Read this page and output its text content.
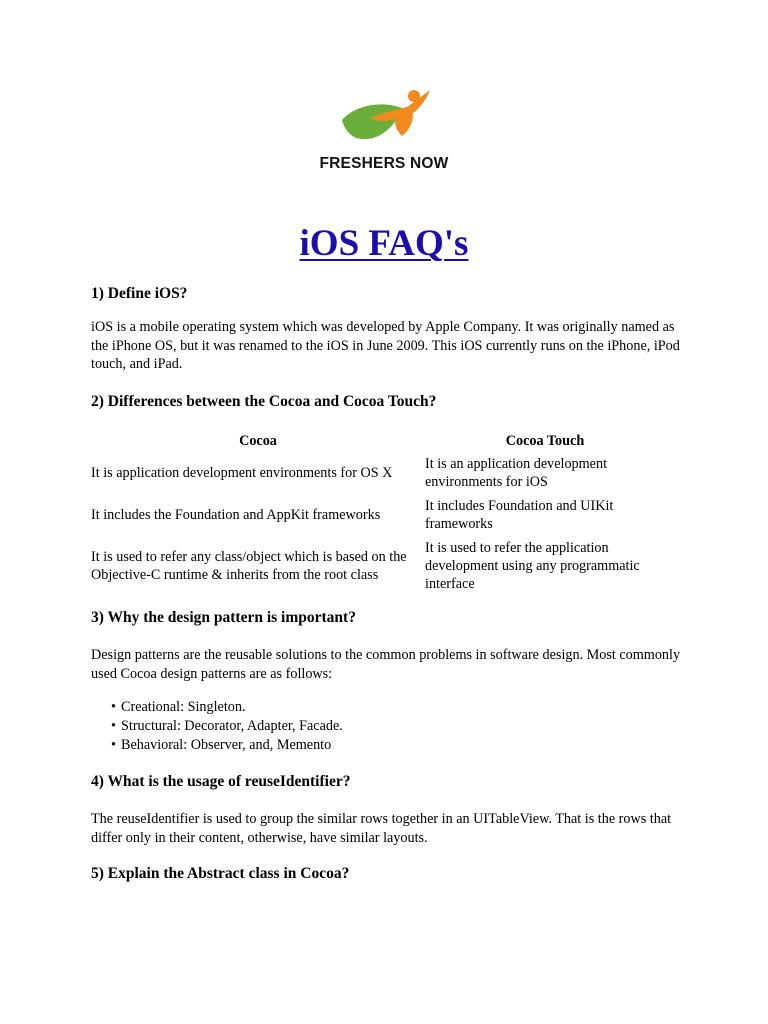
FRESHERS NOW
iOS FAQ's

1) Define iOS?

iOS is a mobile operating system which was developed by Apple Company. It was originally named as the iPhone OS, but it was renamed to the iOS in June 2009. This iOS currently runs on the iPhone, iPod touch, and iPad.

2) Differences between the Cocoa and Cocoa Touch?

Cocoa	Cocoa Touch
It is application development environments for OS X	It is an application development environments for iOS
It includes the Foundation and AppKit frameworks	It includes Foundation and UIKit frameworks
It is used to refer any class/object which is based on the Objective-C runtime & inherits from the root class	It is used to refer the application development using any programmatic interface

3) Why the design pattern is important?

Design patterns are the reusable solutions to the common problems in software design. Most commonly used Cocoa design patterns are as follows:

• Creational: Singleton.
• Structural: Decorator, Adapter, Facade.
• Behavioral: Observer, and, Memento

4) What is the usage of reuseIdentifier?

The reuseIdentifier is used to group the similar rows together in an UITableView. That is the rows that differ only in their content, otherwise, have similar layouts.

5) Explain the Abstract class in Cocoa?
